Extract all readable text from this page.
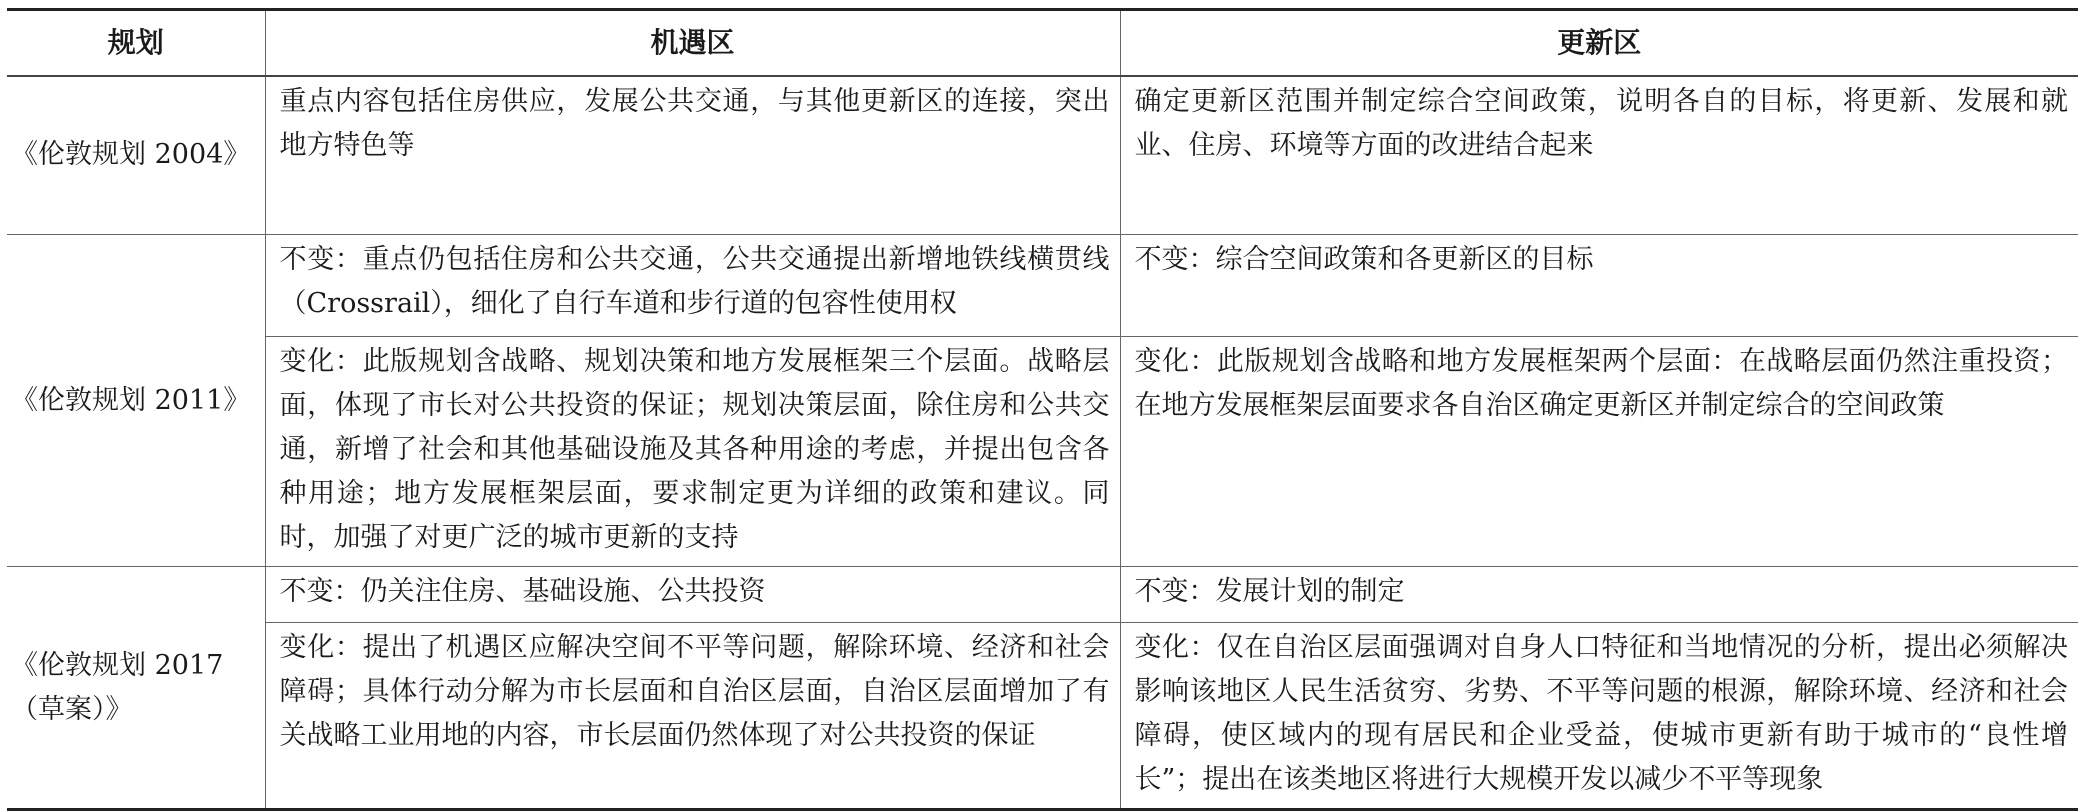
规划	机遇区	更新区
《伦敦规划 2004》	重点内容包括住房供应，发展公共交通，与其他更新区的连接，突出地方特色等	确定更新区范围并制定综合空间政策，说明各自的目标，将更新、发展和就业、住房、环境等方面的改进结合起来
《伦敦规划 2011》	不变：重点仍包括住房和公共交通，公共交通提出新增地铁线横贯线（Crossrail），细化了自行车道和步行道的包容性使用权	不变：综合空间政策和各更新区的目标
	变化：此版规划含战略、规划决策和地方发展框架三个层面。战略层面，体现了市长对公共投资的保证；规划决策层面，除住房和公共交通，新增了社会和其他基础设施及其各种用途的考虑，并提出包含各种用途；地方发展框架层面，要求制定更为详细的政策和建议。同时，加强了对更广泛的城市更新的支持	变化：此版规划含战略和地方发展框架两个层面：在战略层面仍然注重投资；在地方发展框架层面要求各自治区确定更新区并制定综合的空间政策
《伦敦规划 2017（草案）》	不变：仍关注住房、基础设施、公共投资	不变：发展计划的制定
	变化：提出了机遇区应解决空间不平等问题，解除环境、经济和社会障碍；具体行动分解为市长层面和自治区层面，自治区层面增加了有关战略工业用地的内容，市长层面仍然体现了对公共投资的保证	变化：仅在自治区层面强调对自身人口特征和当地情况的分析，提出必须解决影响该地区人民生活贫穷、劣势、不平等问题的根源，解除环境、经济和社会障碍，使区域内的现有居民和企业受益，使城市更新有助于城市的“良性增长”；提出在该类地区将进行大规模开发以减少不平等现象
